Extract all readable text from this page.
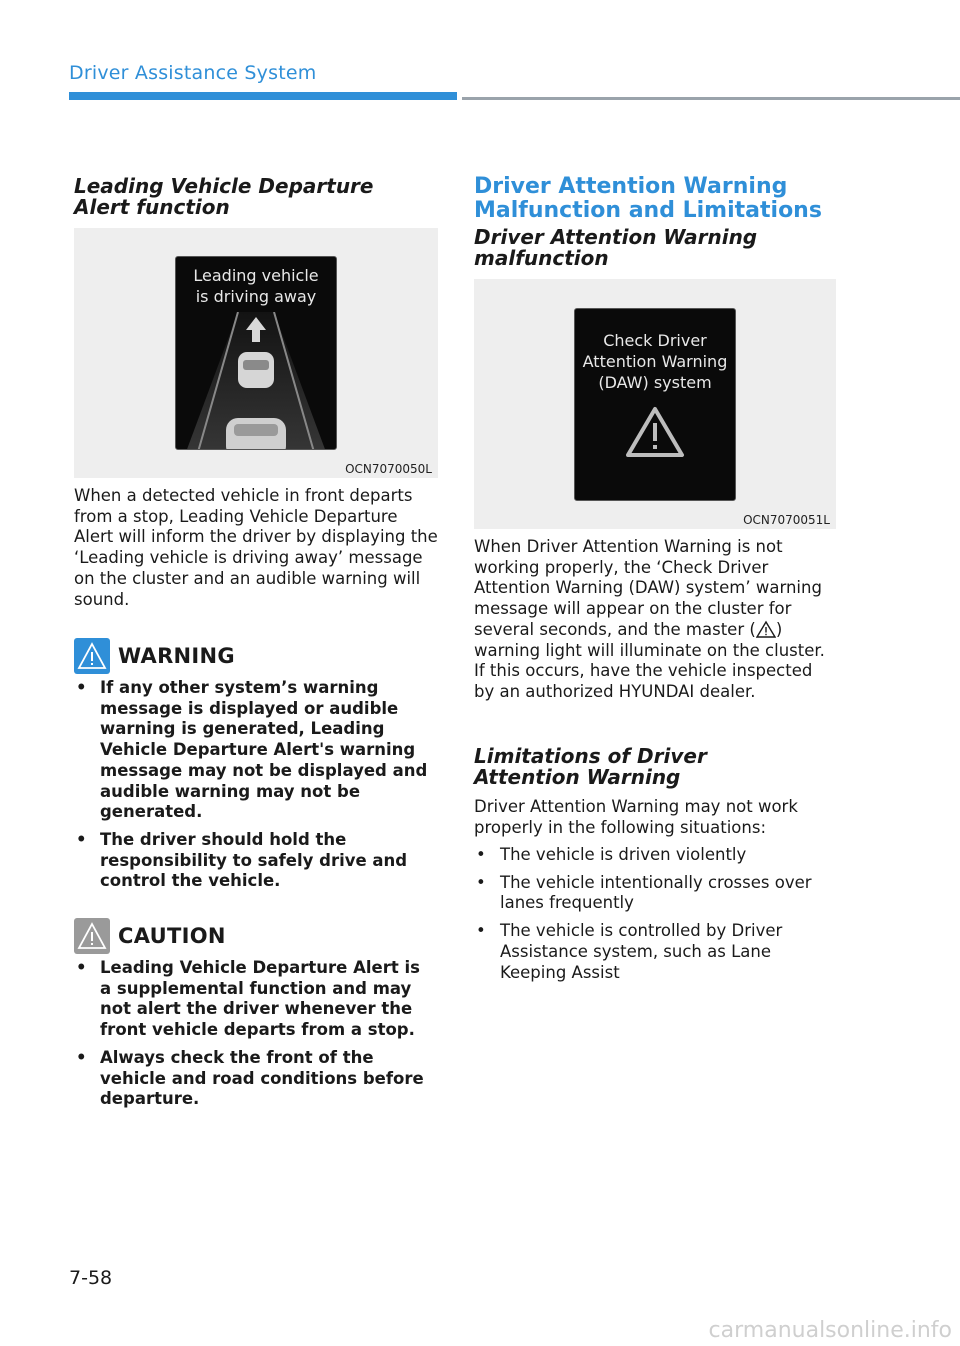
Driver Assistance System
Leading Vehicle Departure Alert function
Leading vehicle
is driving away
OCN7070050L

When a detected vehicle in front departs from a stop, Leading Vehicle Departure Alert will inform the driver by displaying the ‘Leading vehicle is driving away’ message on the cluster and an audible warning will sound.

WARNING
• If any other system’s warning message is displayed or audible warning is generated, Leading Vehicle Departure Alert's warning message may not be displayed and audible warning may not be generated.
• The driver should hold the responsibility to safely drive and control the vehicle.
CAUTION
• Leading Vehicle Departure Alert is a supplemental function and may not alert the driver whenever the front vehicle departs from a stop.
• Always check the front of the vehicle and road conditions before departure.
Driver Attention Warning
Malfunction and Limitations
Driver Attention Warning malfunction
Check Driver
Attention Warning
(DAW) system
OCN7070051L

When Driver Attention Warning is not working properly, the ‘Check Driver Attention Warning (DAW) system’ warning message will appear on the cluster for several seconds, and the master ( ) warning light will illuminate on the cluster. If this occurs, have the vehicle inspected by an authorized HYUNDAI dealer.

Limitations of Driver Attention Warning

Driver Attention Warning may not work properly in the following situations:

• The vehicle is driven violently
• The vehicle intentionally crosses over lanes frequently
• The vehicle is controlled by Driver Assistance system, such as Lane Keeping Assist
7-58
carmanualsonline.info
